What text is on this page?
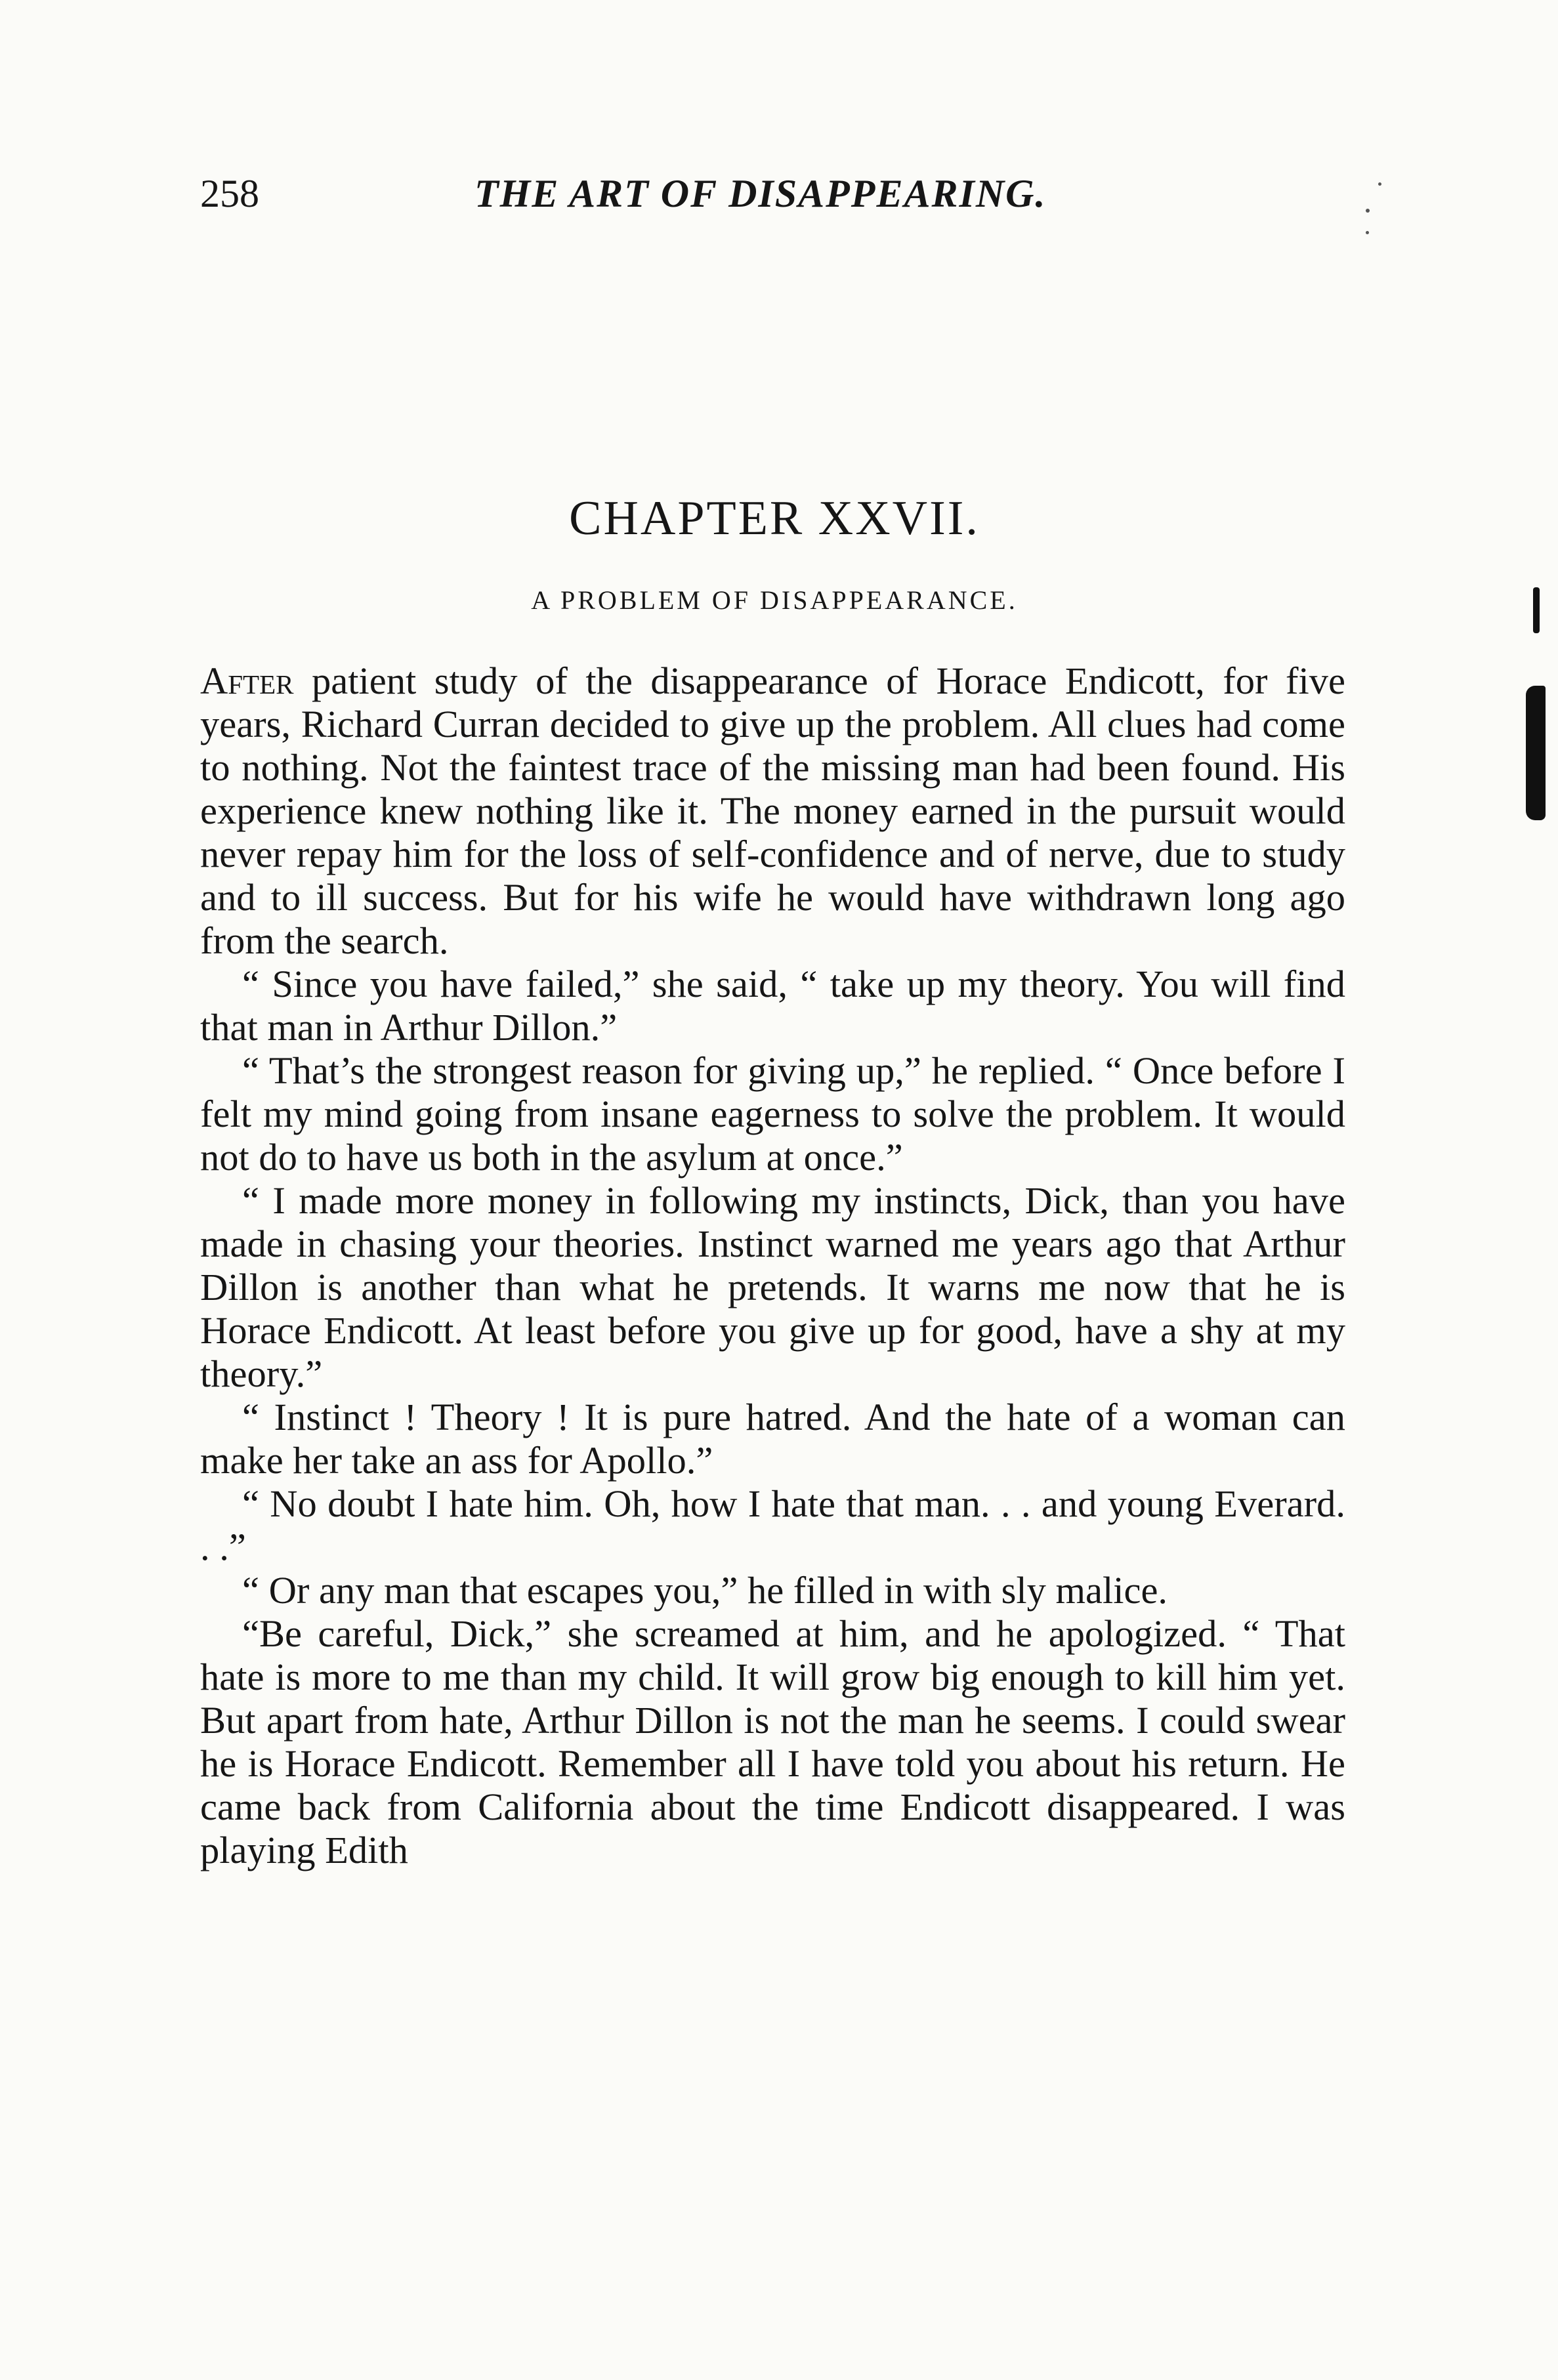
258	THE ART OF DISAPPEARING.
CHAPTER XXVII.
A PROBLEM OF DISAPPEARANCE.

After patient study of the disappearance of Horace Endicott, for five years, Richard Curran decided to give up the problem. All clues had come to nothing. Not the faintest trace of the missing man had been found. His experience knew nothing like it. The money earned in the pursuit would never repay him for the loss of self-confidence and of nerve, due to study and to ill success. But for his wife he would have withdrawn long ago from the search.

“ Since you have failed,” she said, “ take up my theory. You will find that man in Arthur Dillon.”

“ That’s the strongest reason for giving up,” he replied. “ Once before I felt my mind going from insane eagerness to solve the problem. It would not do to have us both in the asylum at once.”

“ I made more money in following my instincts, Dick, than you have made in chasing your theories. Instinct warned me years ago that Arthur Dillon is another than what he pretends. It warns me now that he is Horace Endicott. At least before you give up for good, have a shy at my theory.”

“ Instinct ! Theory ! It is pure hatred. And the hate of a woman can make her take an ass for Apollo.”

“ No doubt I hate him. Oh, how I hate that man. . . and young Everard. . .”

“ Or any man that escapes you,” he filled in with sly malice.

“Be careful, Dick,” she screamed at him, and he apologized. “ That hate is more to me than my child. It will grow big enough to kill him yet. But apart from hate, Arthur Dillon is not the man he seems. I could swear he is Horace Endicott. Remember all I have told you about his return. He came back from California about the time Endicott disappeared. I was playing Edith
